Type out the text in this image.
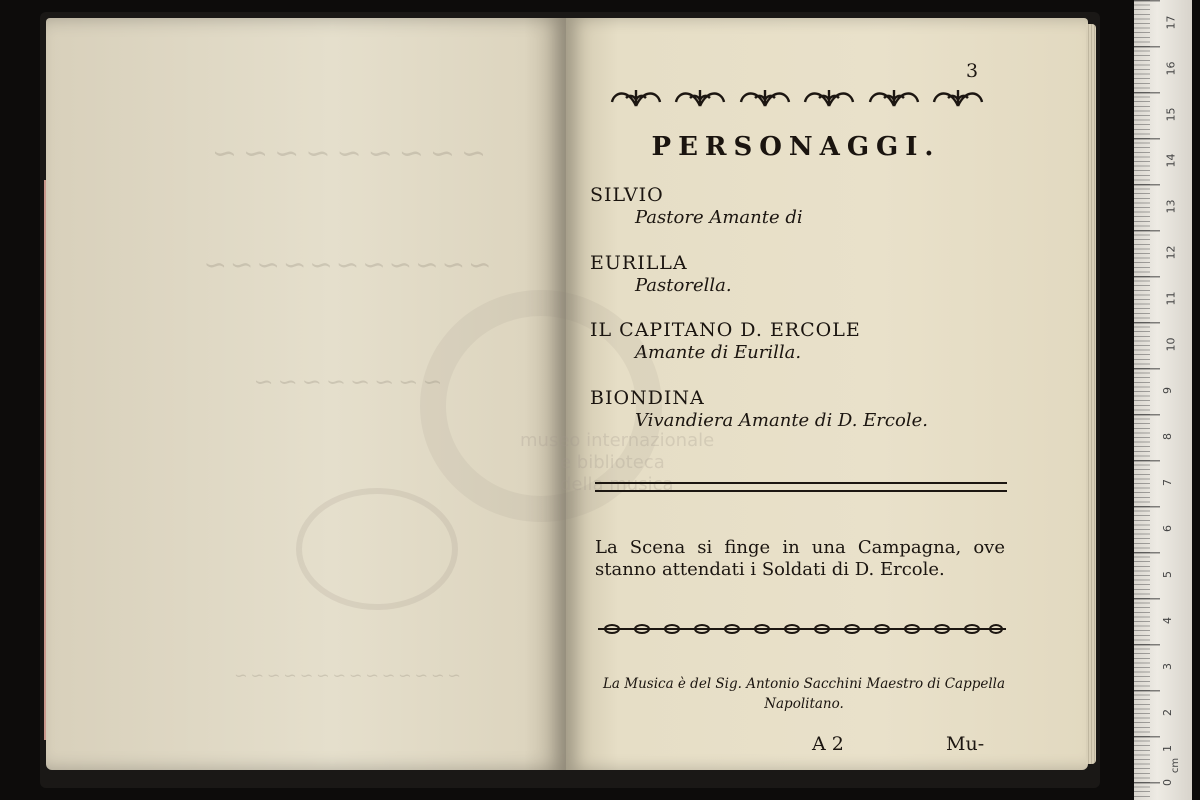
~~~~~~~~~
~~~~~~~~~~~
~~~~~~~~
~~~~~~~~~~~~~~
museo internazionale
e biblioteca
della musica
3
PERSONAGGI.
SILVIO
Pastore Amante di
EURILLA
Pastorella.
IL CAPITANO D. ERCOLE
Amante di Eurilla.
BIONDINA
Vivandiera Amante di D. Ercole.
La Scena si finge in una Campagna, ove stanno attendati i Soldati di D. Ercole.
La Musica è del Sig. Antonio Sacchini Maestro di Cappella Napolitano.
A 2	Mu-
17
16
15
14
13
12
11
10
9
8
7
6
5
4
3
2
1
0
cm
